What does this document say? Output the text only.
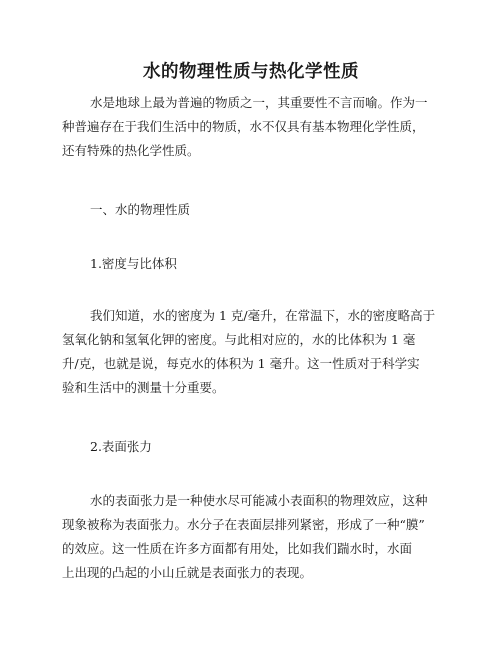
水的物理性质与热化学性质
水是地球上最为普遍的物质之一，其重要性不言而喻。作为一
种普遍存在于我们生活中的物质，水不仅具有基本物理化学性质，
还有特殊的热化学性质。
一、水的物理性质
1.密度与比体积
我们知道，水的密度为 1 克/毫升，在常温下，水的密度略高于
氢氧化钠和氢氧化钾的密度。与此相对应的，水的比体积为 1 毫
升/克，也就是说，每克水的体积为 1 毫升。这一性质对于科学实
验和生活中的测量十分重要。
2.表面张力
水的表面张力是一种使水尽可能减小表面积的物理效应，这种
现象被称为表面张力。水分子在表面层排列紧密，形成了一种“膜”
的效应。这一性质在许多方面都有用处，比如我们踹水时，水面
上出现的凸起的小山丘就是表面张力的表现。
